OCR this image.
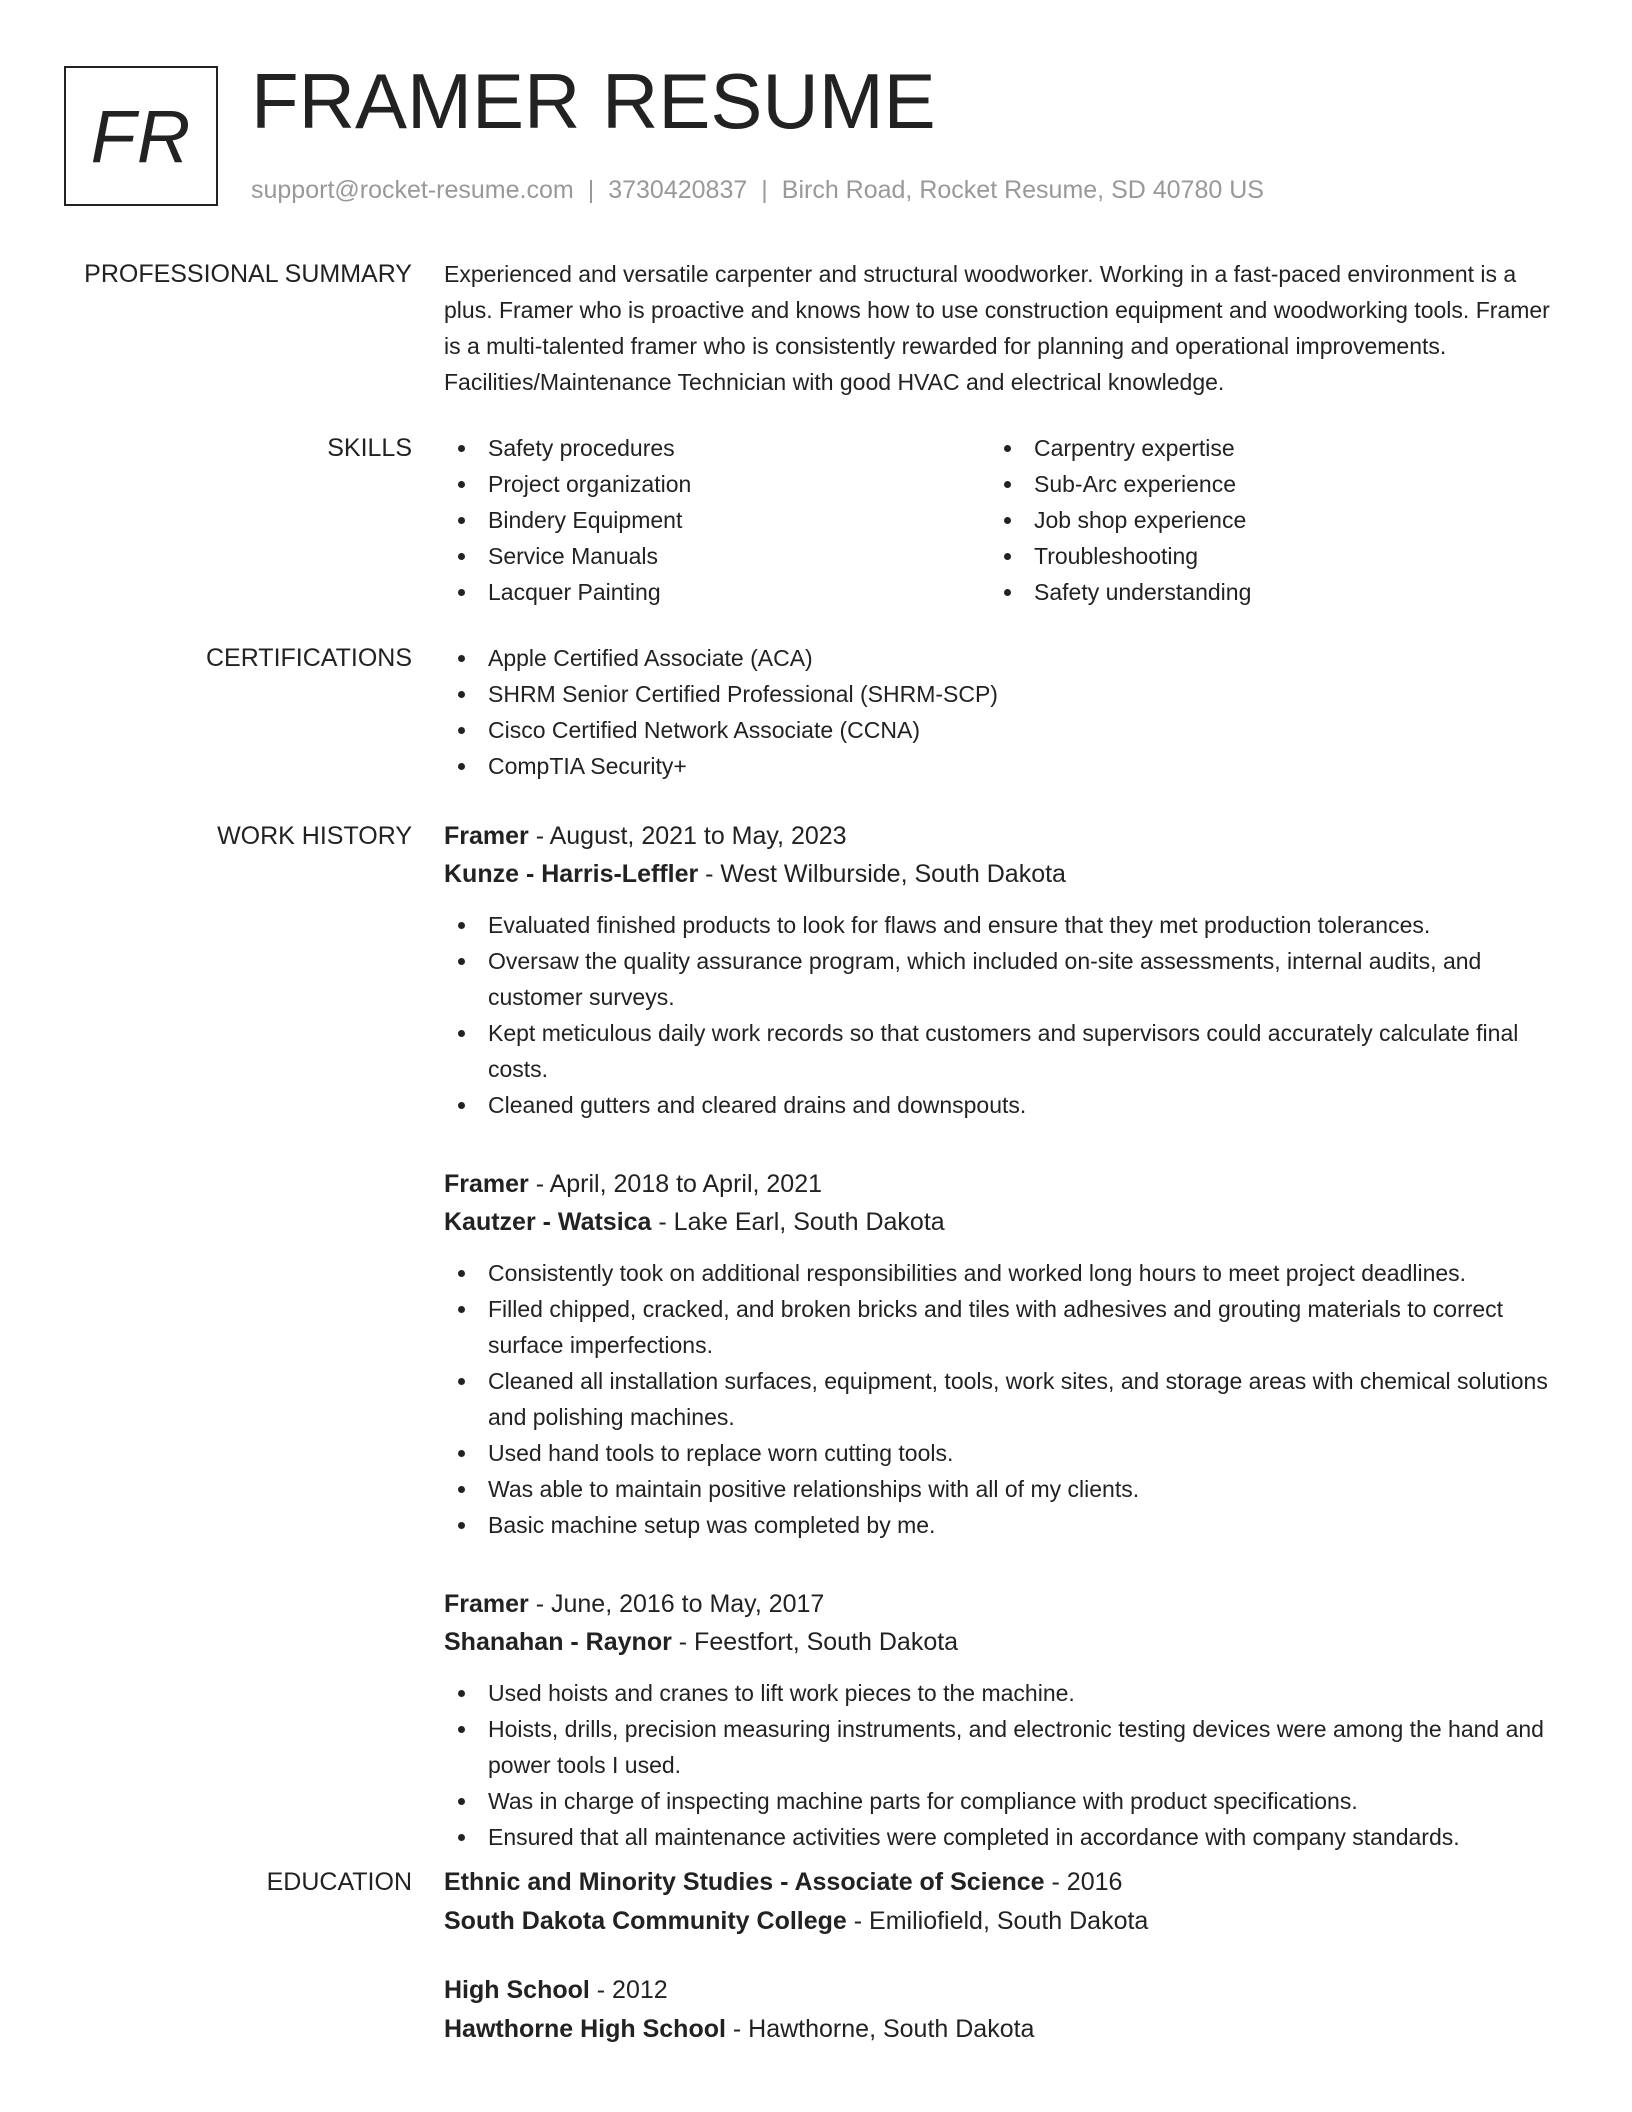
FR FRAMER RESUME
support@rocket-resume.com | 3730420837 | Birch Road, Rocket Resume, SD 40780 US
PROFESSIONAL SUMMARY Experienced and versatile carpenter and structural woodworker. Working in a fast-paced environment is a plus. Framer who is proactive and knows how to use construction equipment and woodworking tools. Framer is a multi-talented framer who is consistently rewarded for planning and operational improvements. Facilities/Maintenance Technician with good HVAC and electrical knowledge.

SKILLS	Safety procedures
Project organization
Bindery Equipment
Service Manuals
Lacquer Painting
Carpentry expertise
Sub-Arc experience
Job shop experience
Troubleshooting
Safety understanding
CERTIFICATIONS	Apple Certified Associate (ACA)
SHRM Senior Certified Professional (SHRM-SCP)
Cisco Certified Network Associate (CCNA)
CompTIA Security+
WORK HISTORY Framer - August, 2021 to May, 2023
Kunze - Harris-Leffler - West Wilburside, South Dakota
Evaluated finished products to look for flaws and ensure that they met production tolerances.
Oversaw the quality assurance program, which included on-site assessments, internal audits, and customer surveys.
Kept meticulous daily work records so that customers and supervisors could accurately calculate final costs.
Cleaned gutters and cleared drains and downspouts.
Framer - April, 2018 to April, 2021
Kautzer - Watsica - Lake Earl, South Dakota
Consistently took on additional responsibilities and worked long hours to meet project deadlines.
Filled chipped, cracked, and broken bricks and tiles with adhesives and grouting materials to correct surface imperfections.
Cleaned all installation surfaces, equipment, tools, work sites, and storage areas with chemical solutions and polishing machines.
Used hand tools to replace worn cutting tools.
Was able to maintain positive relationships with all of my clients.
Basic machine setup was completed by me.
Framer - June, 2016 to May, 2017
Shanahan - Raynor - Feestfort, South Dakota
Used hoists and cranes to lift work pieces to the machine.
Hoists, drills, precision measuring instruments, and electronic testing devices were among the hand and power tools I used.
Was in charge of inspecting machine parts for compliance with product specifications.
Ensured that all maintenance activities were completed in accordance with company standards.
EDUCATION Ethnic and Minority Studies - Associate of Science - 2016
South Dakota Community College - Emiliofield, South Dakota
High School - 2012
Hawthorne High School - Hawthorne, South Dakota
